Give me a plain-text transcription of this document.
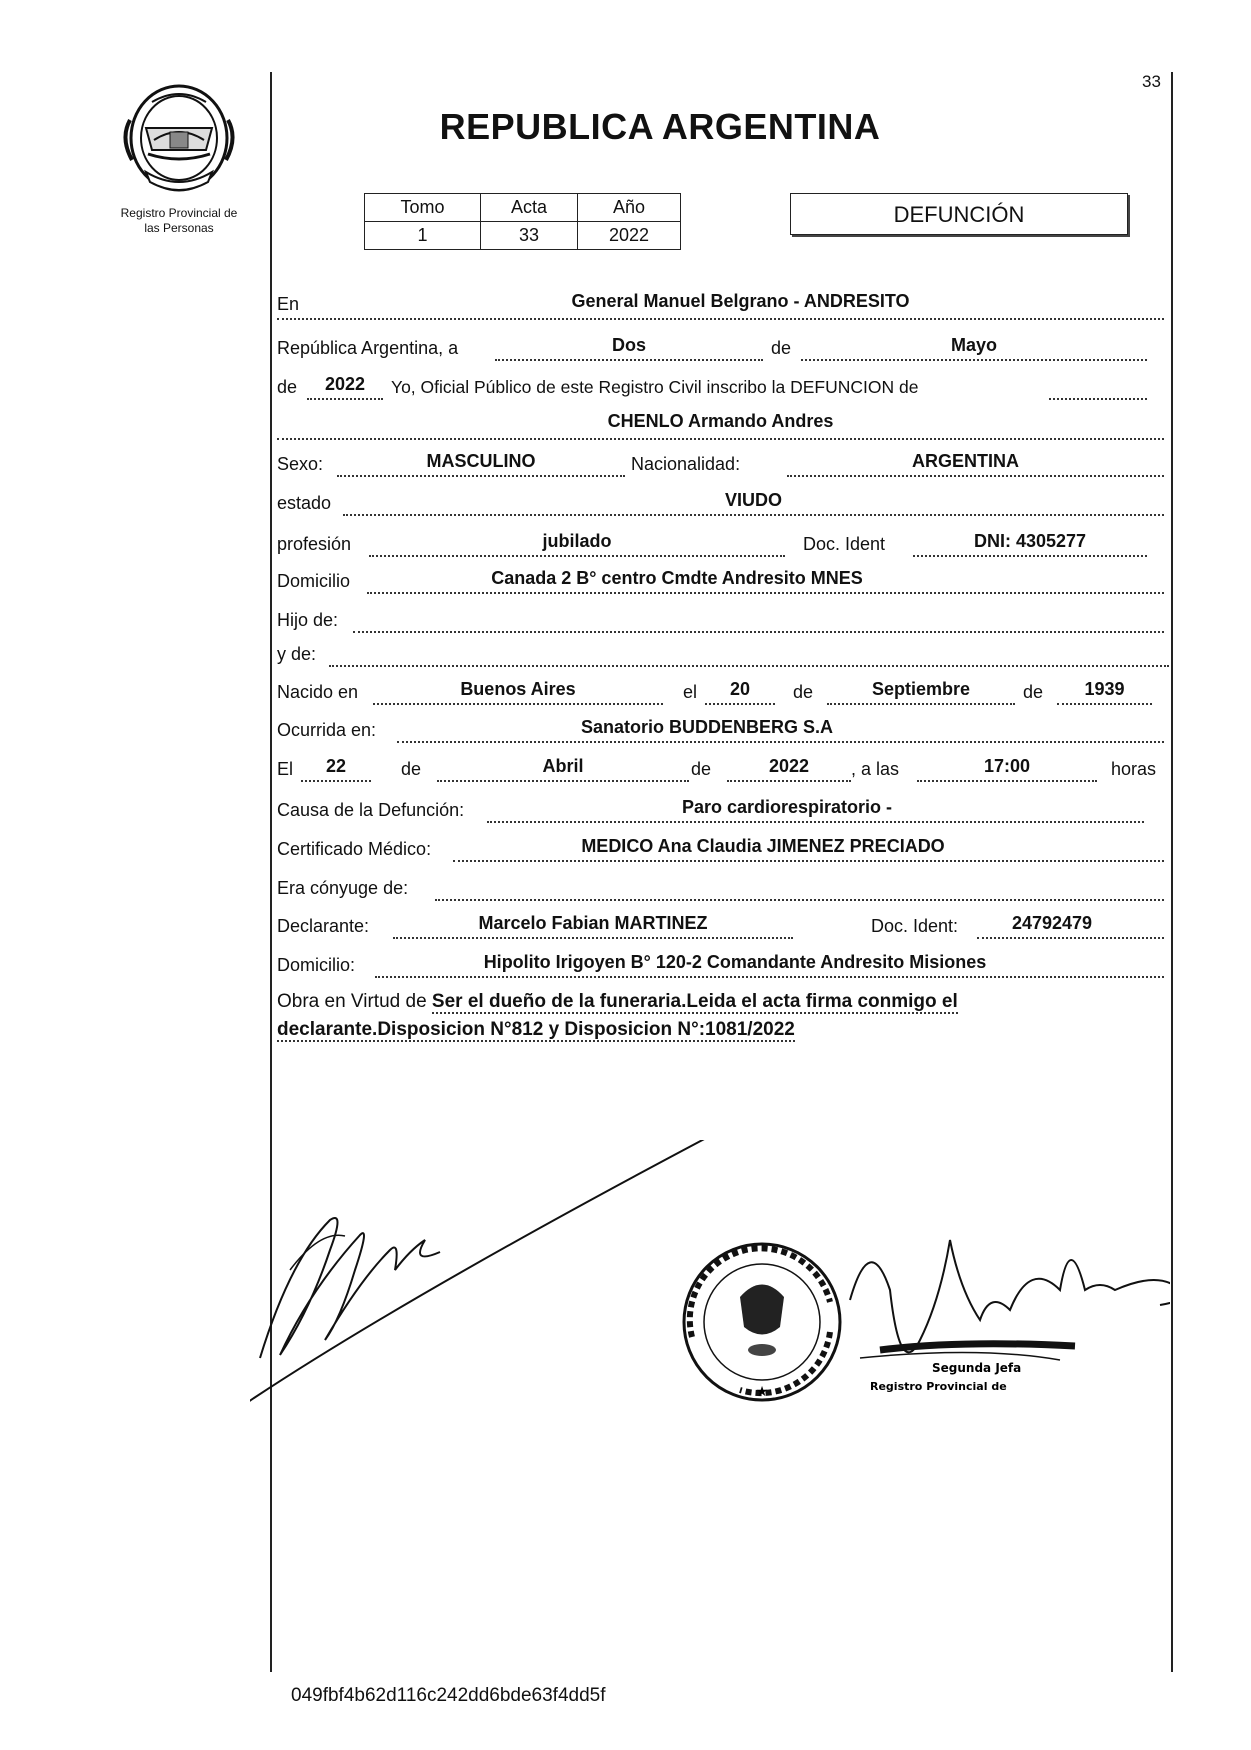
33
Registro Provincial de
las Personas
REPUBLICA ARGENTINA
Tomo	Acta	Año
1	33	2022
DEFUNCIÓN
En	General Manuel Belgrano - ANDRESITO
República Argentina, a	Dos	de	Mayo
de	2022	Yo, Oficial Público de este Registro Civil inscribo la DEFUNCION de
CHENLO Armando Andres
Sexo:	MASCULINO	Nacionalidad:	ARGENTINA
estado	VIUDO
profesión	jubilado	Doc. Ident	DNI: 4305277
Domicilio	Canada 2 B° centro Cmdte Andresito MNES
Hijo de:
y de:
Nacido en	Buenos Aires	el	20	de	Septiembre	de	1939
Ocurrida en:	Sanatorio BUDDENBERG S.A
El	22	de	Abril	de	2022	, a las	17:00	horas
Causa de la Defunción:	Paro cardiorespiratorio -
Certificado Médico:	MEDICO Ana Claudia JIMENEZ PRECIADO
Era cónyuge de:
Declarante:	Marcelo Fabian MARTINEZ	Doc. Ident:	24792479
Domicilio:	Hipolito Irigoyen B° 120-2 Comandante Andresito Misiones
Obra en Virtud de Ser el dueño de la funeraria.Leida el acta firma conmigo el declarante.Disposicion N°812 y Disposicion N°:1081/2022
★
Segunda Jefa
Registro Provincial de
049fbf4b62d116c242dd6bde63f4dd5f
